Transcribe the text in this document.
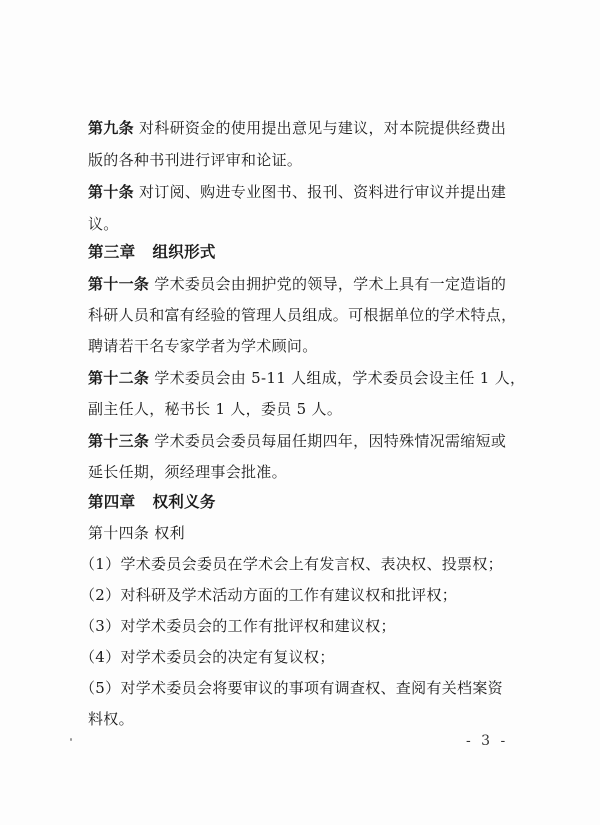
第九条 对科研资金的使用提出意见与建议，对本院提供经费出
版的各种书刊进行评审和论证。
第十条 对订阅、购进专业图书、报刊、资料进行审议并提出建
议。
第三章 组织形式
第十一条 学术委员会由拥护党的领导，学术上具有一定造诣的
科研人员和富有经验的管理人员组成。可根据单位的学术特点，
聘请若干名专家学者为学术顾问。
第十二条 学术委员会由 5-11 人组成，学术委员会设主任 1 人，
副主任人，秘书长 1 人，委员 5 人。
第十三条 学术委员会委员每届任期四年，因特殊情况需缩短或
延长任期，须经理事会批准。
第四章 权利义务
第十四条 权利
（1）学术委员会委员在学术会上有发言权、表决权、投票权；
（2）对科研及学术活动方面的工作有建议权和批评权；
（3）对学术委员会的工作有批评权和建议权；
（4）对学术委员会的决定有复议权；
（5）对学术委员会将要审议的事项有调查权、查阅有关档案资
料权。
- 3 -
